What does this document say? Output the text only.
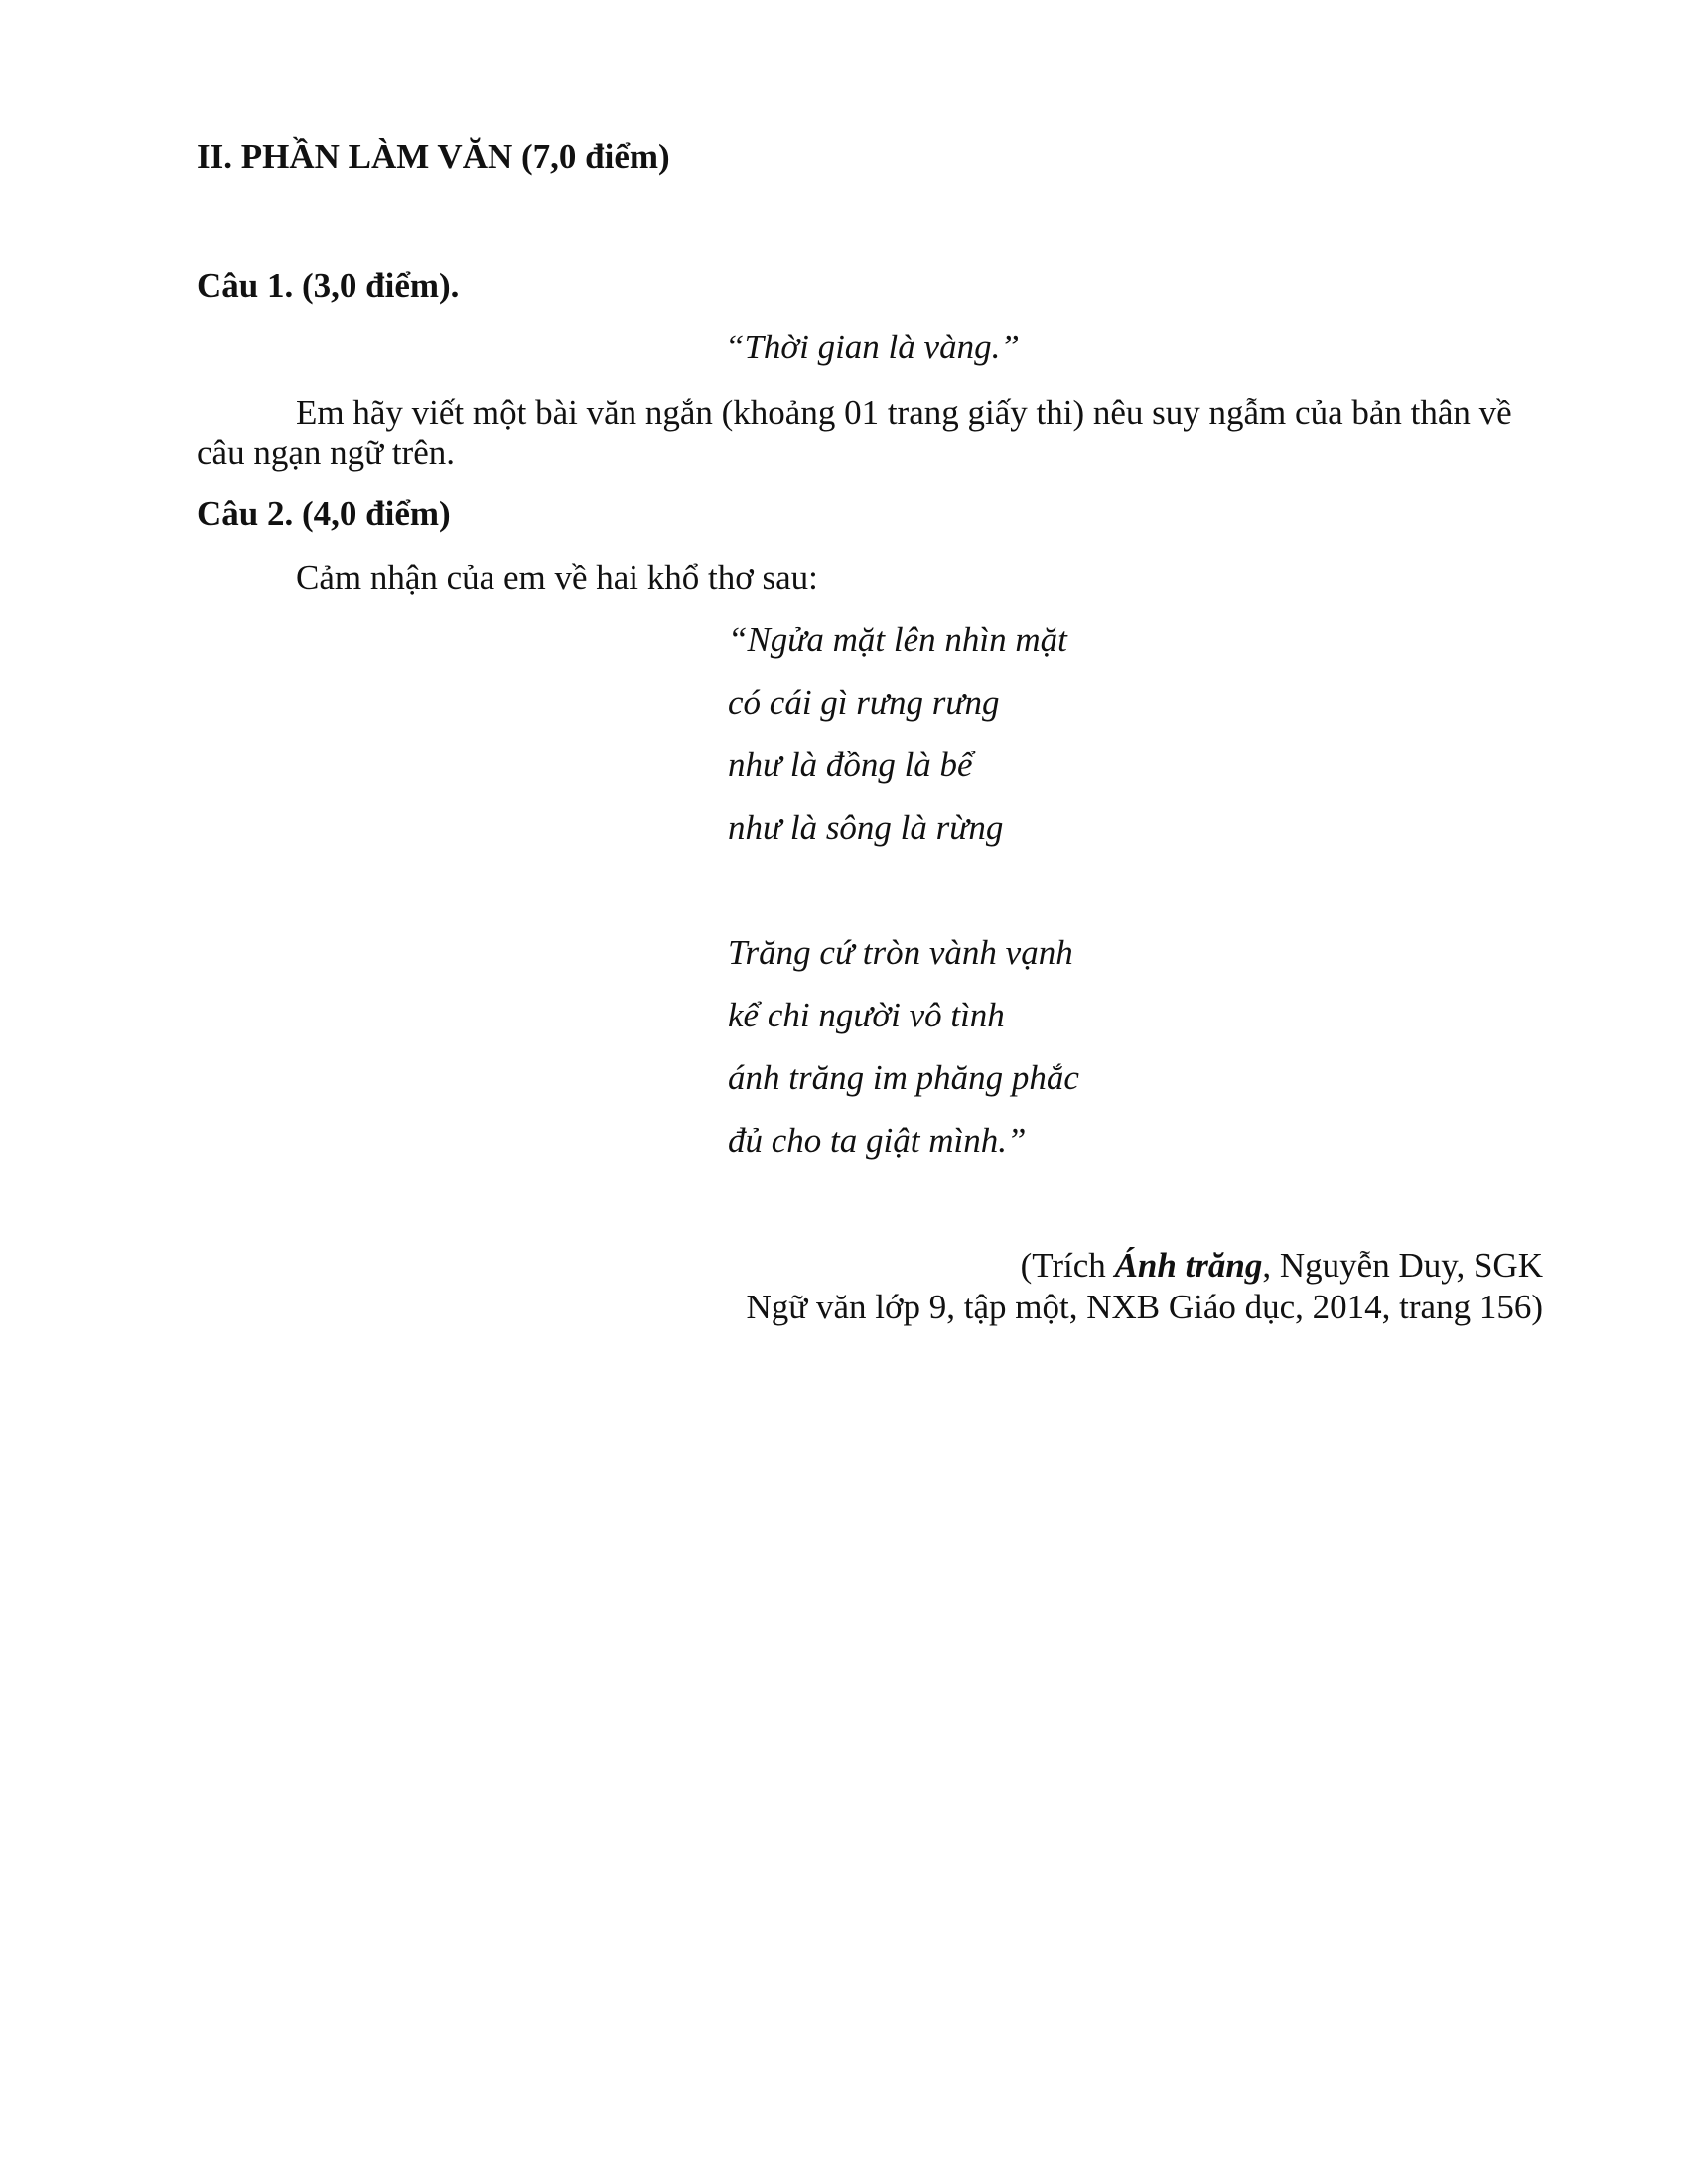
II. PHẦN LÀM VĂN (7,0 điểm)
Câu 1. (3,0 điểm).
“Thời gian là vàng.”
Em hãy viết một bài văn ngắn (khoảng 01 trang giấy thi) nêu suy ngẫm của bản thân về
câu ngạn ngữ trên.
Câu 2. (4,0 điểm)
Cảm nhận của em về hai khổ thơ sau:
“Ngửa mặt lên nhìn mặt
có cái gì rưng rưng
như là đồng là bể
như là sông là rừng
Trăng cứ tròn vành vạnh
kể chi người vô tình
ánh trăng im phăng phắc
đủ cho ta giật mình.”
(Trích Ánh trăng, Nguyễn Duy, SGK
Ngữ văn lớp 9, tập một, NXB Giáo dục, 2014, trang 156)
